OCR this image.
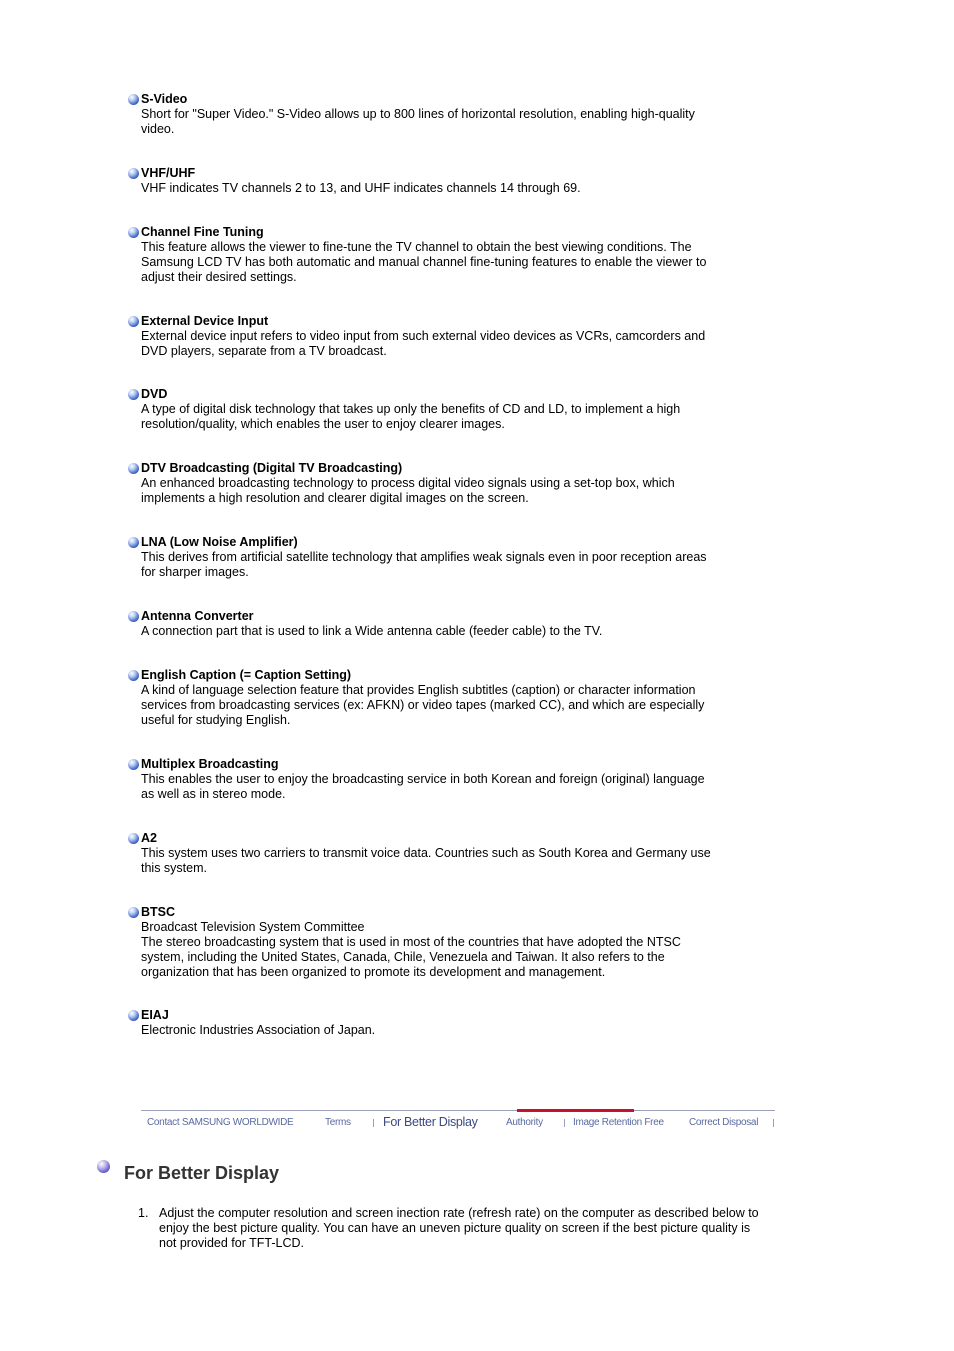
S-Video
Short for "Super Video." S-Video allows up to 800 lines of horizontal resolution, enabling high-quality
video.
VHF/UHF
VHF indicates TV channels 2 to 13, and UHF indicates channels 14 through 69.
Channel Fine Tuning
This feature allows the viewer to fine-tune the TV channel to obtain the best viewing conditions. The
Samsung LCD TV has both automatic and manual channel fine-tuning features to enable the viewer to
adjust their desired settings.
External Device Input
External device input refers to video input from such external video devices as VCRs, camcorders and
DVD players, separate from a TV broadcast.
DVD
A type of digital disk technology that takes up only the benefits of CD and LD, to implement a high
resolution/quality, which enables the user to enjoy clearer images.
DTV Broadcasting (Digital TV Broadcasting)
An enhanced broadcasting technology to process digital video signals using a set-top box, which
implements a high resolution and clearer digital images on the screen.
LNA (Low Noise Amplifier)
This derives from artificial satellite technology that amplifies weak signals even in poor reception areas
for sharper images.
Antenna Converter
A connection part that is used to link a Wide antenna cable (feeder cable) to the TV.
English Caption (= Caption Setting)
A kind of language selection feature that provides English subtitles (caption) or character information
services from broadcasting services (ex: AFKN) or video tapes (marked CC), and which are especially
useful for studying English.
Multiplex Broadcasting
This enables the user to enjoy the broadcasting service in both Korean and foreign (original) language
as well as in stereo mode.
A2
This system uses two carriers to transmit voice data. Countries such as South Korea and Germany use
this system.
BTSC
Broadcast Television System Committee
The stereo broadcasting system that is used in most of the countries that have adopted the NTSC
system, including the United States, Canada, Chile, Venezuela and Taiwan. It also refers to the
organization that has been organized to promote its development and management.
EIAJ
Electronic Industries Association of Japan.
Contact SAMSUNG WORLDWIDE	Terms	For Better Display	Authority	Image Retention Free	Correct Disposal
For Better Display
1. Adjust the computer resolution and screen inection rate (refresh rate) on the computer as described below to enjoy the best picture quality. You can have an uneven picture quality on screen if the best picture quality is not provided for TFT-LCD.
